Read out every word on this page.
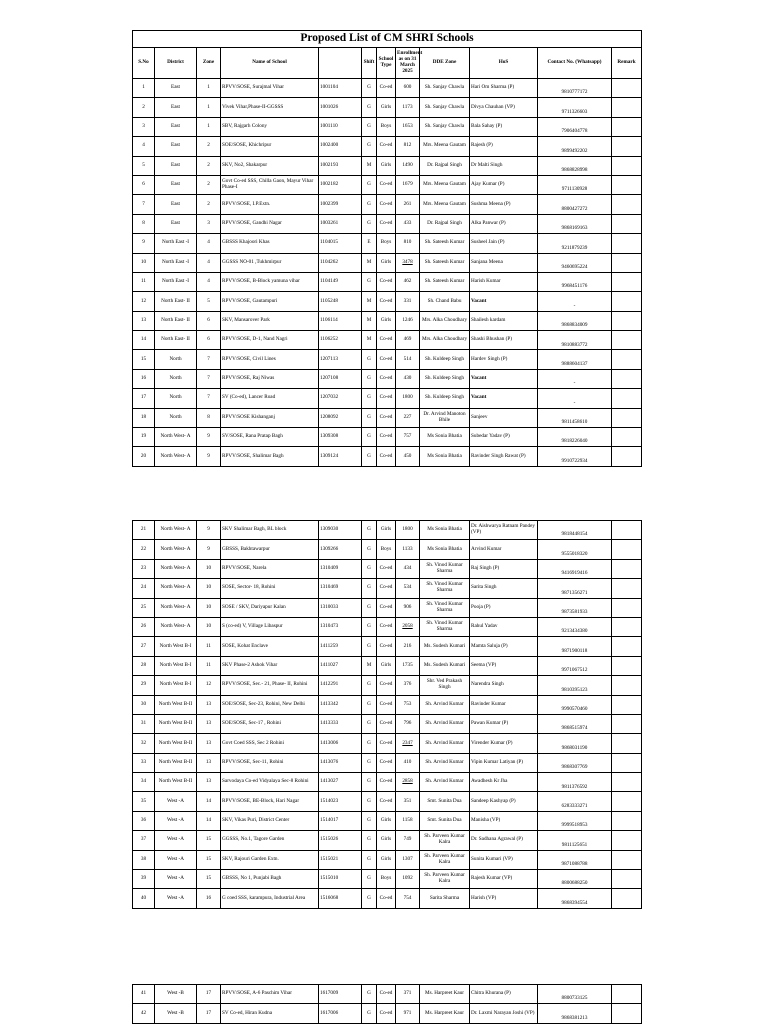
Proposed List of CM SHRI Schools											
S.No	District	Zone	Name of School		Shift	School Type	Enrollment as on 31 March 2025	DDE Zone	HoS	Contact No. (Whatsapp)	Remark
1	East	1	RPVV/SOSE, Surajmal Vihar	1001104	G	Co-ed	600	Sh. Sanjay Chawla	Hari Om Sharma (P)	9810777172	
2	East	1	Vivek Vihar,Phase-II-GGSSS	1001026	G	Girls	1173	Sh. Sanjay Chawla	Divya Chauhan (VP)	9711326603	
3	East	1	SBV, Rajgarh Colony	1001110	G	Boys	1653	Sh. Sanjay Chawla	Bala Sahay (P)	7906404778	
4	East	2	SOE/SOSE, Khichripur	1002400	G	Co-ed	812	Mrs. Meena Gautam	Rajesh (P)	9899492202	
5	East	2	SKV, No2, Shakarpur	1002193	M	Girls	1490	Dr. Rajpal Singh	Dr Malti Singh	9868828998	
6	East	2	Govt Co-ed SSS, Chilla Gaon, Mayur Vihar Phase-I	1002182	G	Co-ed	1679	Mrs. Meena Gautam	Ajay Kumar (P)	9711130928	
7	East	2	RPVV/SOSE, I.P.Extn.	1002399	G	Co-ed	261	Mrs. Meena Gautam	Sushma Meena (P)	8800427272	
8	East	3	RPVV/SOSE, Gandhi Nagar	1003261	G	Co-ed	433	Dr. Rajpal Singh	Alka Panwar (P)	9868169163	
9	North East -I	4	GBSSS Khajoori Khas	1104015	E	Boys	810	Sh. Sateesh Kumar	Susheel Jain (P)	9211879239	
10	North East -I	4	GGSSS NO-01 ,Tukhmirpur	1104262	M	Girls	3478	Sh. Sateesh Kumar	Sanjana Meena	9460695224	
11	North East -I	4	RPVV/SOSE, B-Block yamuna vihar	1104149	G	Co-ed	462	Sh. Sateesh Kumar	Harish Kumar	9968451176	
12	North East- II	5	RPVV/SOSE, Gautampuri	1105248	M	Co-ed	331	Sh. Chand Babu	Vacant	-	
13	North East- II	6	SKV, Mansarover Park	1106114	M	Girls	1246	Mrs. Alka Choudhary	Shailesh kardam	9868834009	
14	North East- II	6	RPVV/SOSE, D-1, Nand Nagri	1106252	M	Co-ed	469	Mrs. Alka Choudhary	Shashi Bhushan (P)	9810883772	
15	North	7	RPVV/SOSE, Civil Lines	1207113	G	Co-ed	514	Sh. Kuldeep Singh	Hardev Singh (P)	9888604137	
16	North	7	RPVV/SOSE, Raj Niwas	1207108	G	Co-ed	430	Sh. Kuldeep Singh	Vacant	-	
17	North	7	SV (Co-ed), Lancer Road	1207032	G	Co-ed	1800	Sh. Kuldeep Singh	Vacant	-	
18	North	8	RPVV/SOSE Kishanganj	1208092	G	Co-ed	227	Dr. Arvind Manoton Bhile	Sanjeev	9811458610	
19	North West- A	9	SV/SOSE, Rana Pratap Bagh	1309308	G	Co-ed	757	Ms Sonia Bhatia	Subedar Yadav (P)	9818226040	
20	North West- A	9	RPVV/SOSE, Shalimar Bagh	1309124	G	Co-ed	450	Ms Sonia Bhatia	Ravinder Singh Rawat (P)	9910722934	
21	North West- A	9	SKV Shalimar Bagh, BL block	1309030	G	Girls	1800	Ms Sonia Bhatia	Dr. Aishwarya Ratnam Pandey (VP)	9818448154	
22	North West- A	9	GBSSS, Bakhtawarpur	1309266	G	Boys	1133	Ms Sonia Bhatia	Arvind Kumar	9555018320	
23	North West- A	10	RPVV/SOSE, Narela	1310409	G	Co-ed	434	Sh. Vinod Kumar Sharma	Raj Singh (P)	9416919416	
24	North West- A	10	SOSE, Sector- 18, Rohini	1310469	G	Co-ed	534	Sh. Vinod Kumar Sharma	Sarita Singh	9871356271	
25	North West- A	10	SOSE / SKV, Dariyapur Kalan	1310033	G	Co-ed	906	Sh. Vinod Kumar Sharma	Pooja (P)	9873581933	
26	North West- A	10	S (co-ed) V, Village Libaspur	1310473	G	Co-ed	2058	Sh. Vinod Kumar Sharma	Rahul Yadav	9213434380	
27	North West B-I	11	SOSE, Kohat Enclave	1411259	G	Co-ed	216	Ms. Sudesh Kumari	Mamta Saluja (P)	9871900118	
28	North West B-I	11	SKV Phase-2 Ashok Vihar	1411027	M	Girls	1735	Ms. Sudesh Kumari	Seema (VP)	9971067512	
29	North West B-I	12	RPVV/SOSE, Sec.- 21, Phase- II, Rohini	1412291	G	Co-ed	376	Shr. Ved Prakash Singh	Narendra Singh	9810395123	
30	North West B-II	13	SOE/SOSE, Sec-23, Rohini, New Delhi	1413342	G	Co-ed	753	Sh. Arvind Kumar	Ravinder Kumar	9990570460	
31	North West B-II	13	SOE/SOSE, Sec-17 , Rohini	1413333	G	Co-ed	796	Sh. Arvind Kumar	Pawan Kumar (P)	9868515974	
32	North West B-II	13	Govt Coed SSS, Sec 2 Rohini	1413006	G	Co-ed	2347	Sh. Arvind Kumar	Virender Kumar (P)	9868031190	
33	North West B-II	13	RPVV/SOSE, Sec-11, Rohini	1413076	G	Co-ed	410	Sh. Arvind Kumar	Vipin Kumar Latiyan (P)	9868307769	
34	North West B-II	13	Sarvodaya Co-ed Vidyalaya Sec-8 Rohini	1413027	G	Co-ed	2858	Sh. Arvind Kumar	Awadhesh Kr Jha	9811376592	
35	West -A	14	RPVV/SOSE, BE-Block, Hari Nagar	1514023	G	Co-ed	351	Smt. Sunita Dua	Sandeep Kashyap (P)	6283333271	
36	West -A	14	SKV, Vikas Puri, District Center	1514017	G	Girls	1158	Smt. Sunita Dua	Manisha (VP)	9999518953	
37	West -A	15	GGSSS, No.1, Tagore Garden	1515026	G	Girls	749	Sh. Parveen Kumar Kalra	Dr. Sadhana Agrawal (P)	9811125651	
38	West -A	15	SKV, Rajouri Garden Extn.	1515021	G	Girls	1307	Sh. Parveen Kumar Kalra	Sunita Kumari (VP)	9871088788	
39	West -A	15	GBSSS, No 1, Punjabi Bagh	1515010	G	Boys	1092	Sh. Parveen Kumar Kalra	Rajesh Kumar (VP)	8800688250	
40	West -A	16	G coed SSS, karampura, Industrial Area	1516068	G	Co-ed	754	Sarita Sharma	Harish (VP)	9868394554	
41	West -B	17	RPVV/SOSE, A-6 Paschim Vihar	1617009	G	Co-ed	371	Ms. Harpreet Kaur	Chitra Khurana (P)	8800733125	
42	West -B	17	SV Co-ed, Hiran Kudna	1617006	G	Co-ed	971	Ms. Harpreet Kaur	Dr. Laxmi Narayan Joshi (VP)	9868381213	
